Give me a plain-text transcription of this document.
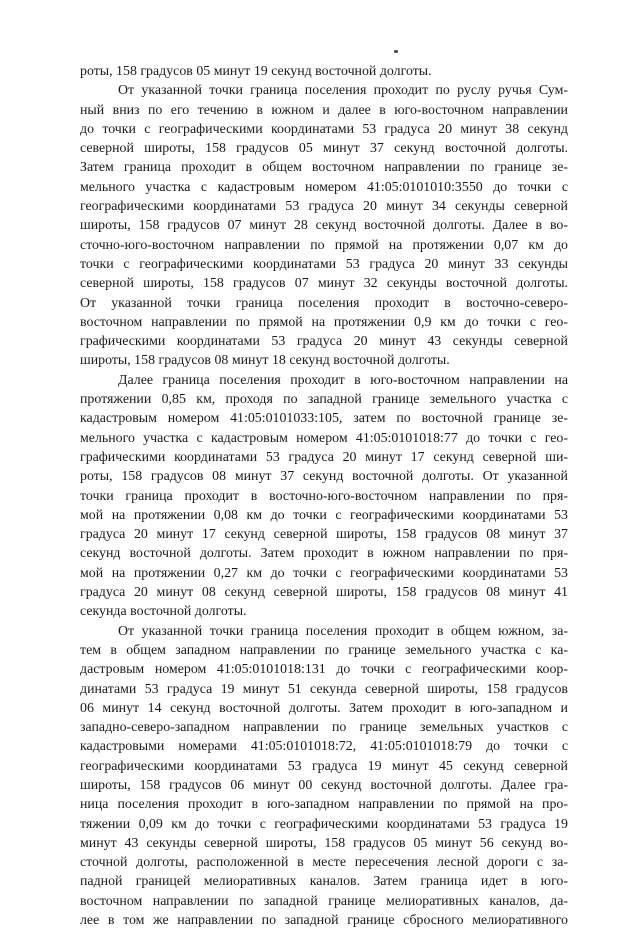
роты, 158 градусов 05 минут 19 секунд восточной долготы.
От указанной точки граница поселения проходит по руслу ручья Сум-
ный вниз по его течению в южном и далее в юго-восточном направлении
до точки с географическими координатами 53 градуса 20 минут 38 секунд
северной широты, 158 градусов 05 минут 37 секунд восточной долготы.
Затем граница проходит в общем восточном направлении по границе зе-
мельного участка с кадастровым номером 41:05:0101010:3550 до точки с
географическими координатами 53 градуса 20 минут 34 секунды северной
широты, 158 градусов 07 минут 28 секунд восточной долготы. Далее в во-
сточно-юго-восточном направлении по прямой на протяжении 0,07 км до
точки с географическими координатами 53 градуса 20 минут 33 секунды
северной широты, 158 градусов 07 минут 32 секунды восточной долготы.
От указанной точки граница поселения проходит в восточно-северо-
восточном направлении по прямой на протяжении 0,9 км до точки с гео-
графическими координатами 53 градуса 20 минут 43 секунды северной
широты, 158 градусов 08 минут 18 секунд восточной долготы.
Далее граница поселения проходит в юго-восточном направлении на
протяжении 0,85 км, проходя по западной границе земельного участка с
кадастровым номером 41:05:0101033:105, затем по восточной границе зе-
мельного участка с кадастровым номером 41:05:0101018:77 до точки с гео-
графическими координатами 53 градуса 20 минут 17 секунд северной ши-
роты, 158 градусов 08 минут 37 секунд восточной долготы. От указанной
точки граница проходит в восточно-юго-восточном направлении по пря-
мой на протяжении 0,08 км до точки с географическими координатами 53
градуса 20 минут 17 секунд северной широты, 158 градусов 08 минут 37
секунд восточной долготы. Затем проходит в южном направлении по пря-
мой на протяжении 0,27 км до точки с географическими координатами 53
градуса 20 минут 08 секунд северной широты, 158 градусов 08 минут 41
секунда восточной долготы.
От указанной точки граница поселения проходит в общем южном, за-
тем в общем западном направлении по границе земельного участка с ка-
дастровым номером 41:05:0101018:131 до точки с географическими коор-
динатами 53 градуса 19 минут 51 секунда северной широты, 158 градусов
06 минут 14 секунд восточной долготы. Затем проходит в юго-западном и
западно-северо-западном направлении по границе земельных участков с
кадастровыми номерами 41:05:0101018:72, 41:05:0101018:79 до точки с
географическими координатами 53 градуса 19 минут 45 секунд северной
широты, 158 градусов 06 минут 00 секунд восточной долготы. Далее гра-
ница поселения проходит в юго-западном направлении по прямой на про-
тяжении 0,09 км до точки с географическими координатами 53 градуса 19
минут 43 секунды северной широты, 158 градусов 05 минут 56 секунд во-
сточной долготы, расположенной в месте пересечения лесной дороги с за-
падной границей мелиоративных каналов. Затем граница идет в юго-
восточном направлении по западной границе мелиоративных каналов, да-
лее в том же направлении по западной границе сбросного мелиоративного
